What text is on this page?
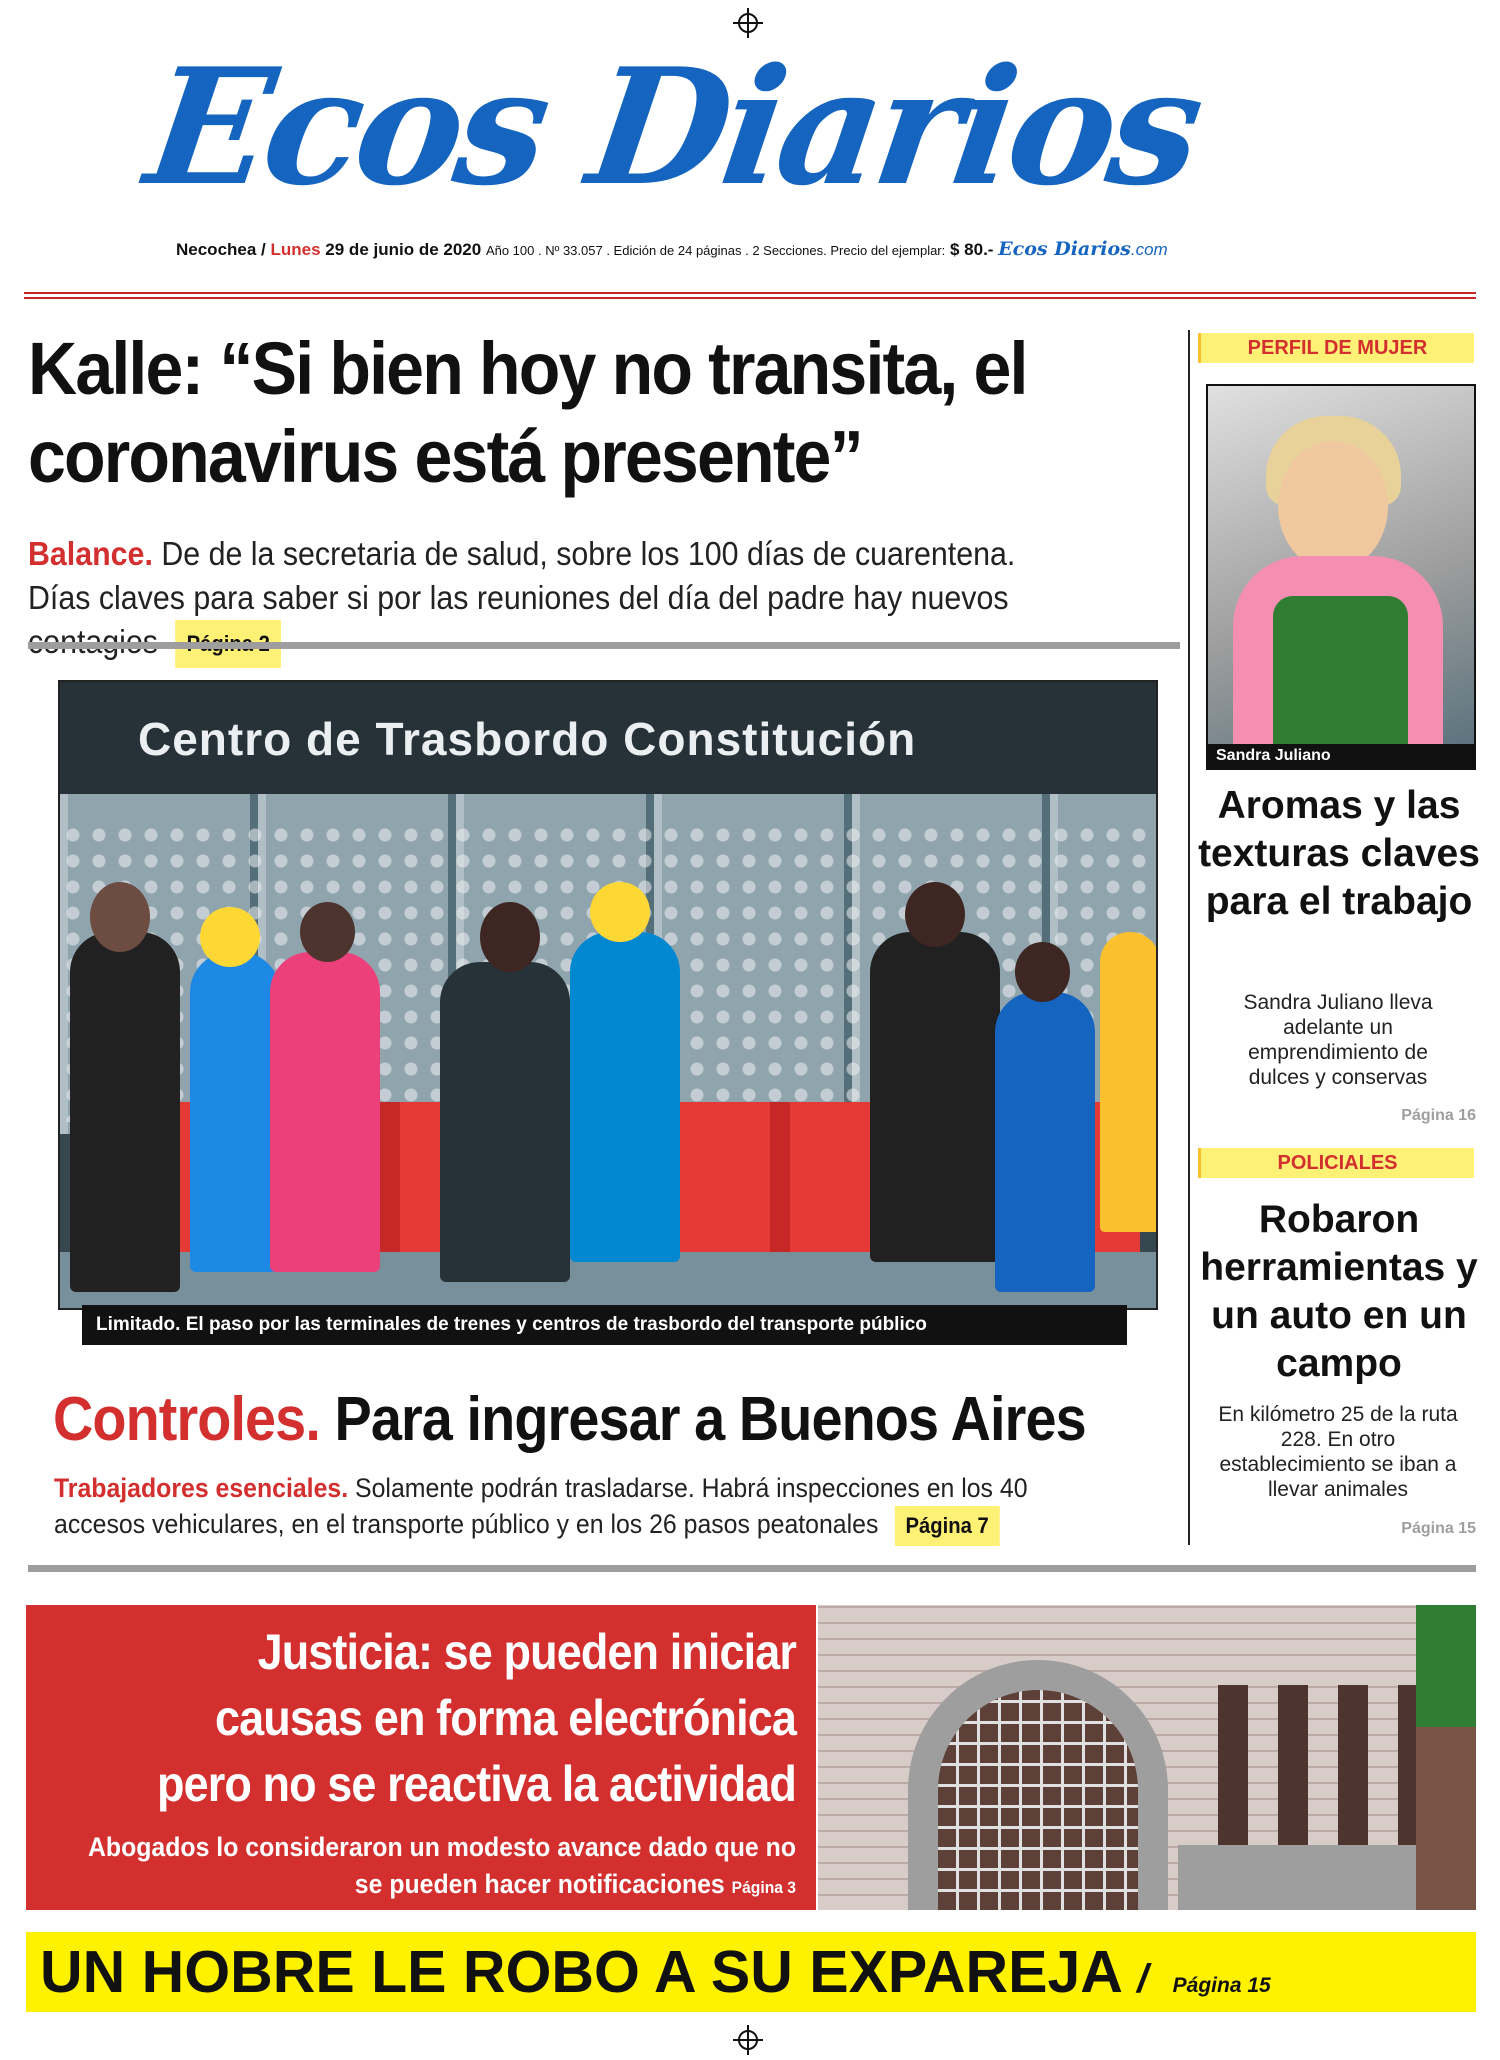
Ecos Diarios
Necochea / Lunes 29 de junio de 2020 Año 100 . Nº 33.057 . Edición de 24 páginas . 2 Secciones. Precio del ejemplar: $ 80.- Ecos Diarios.com
Kalle: “Si bien hoy no transita, el coronavirus está presente”
Balance. De de la secretaria de salud, sobre los 100 días de cuarentena. Días claves para saber si por las reuniones del día del padre hay nuevos
Centro de Trasbordo Constitución
Limitado. El paso por las terminales de trenes y centros de trasbordo del transporte público
Controles. Para ingresar a Buenos Aires
Trabajadores esenciales. Solamente podrán trasladarse. Habrá inspecciones en los 40 accesos vehiculares, en el transporte público y en los 26 pasos peatonales Página 7
PERFIL DE MUJER
Sandra Juliano
Aromas y las texturas claves para el trabajo
Sandra Juliano lleva adelante un emprendimiento de dulces y conservas
Página 16
POLICIALES
Robaron herramientas y un auto en un campo
En kilómetro 25 de la ruta 228. En otro establecimiento se iban a llevar animales
Página 15
Justicia: se pueden iniciar causas en forma electrónica pero no se reactiva la actividad
Abogados lo consideraron un modesto avance dado que no se pueden hacer notificaciones Página 3
UN HOBRE LE ROBO A SU EXPAREJA / Página 15
